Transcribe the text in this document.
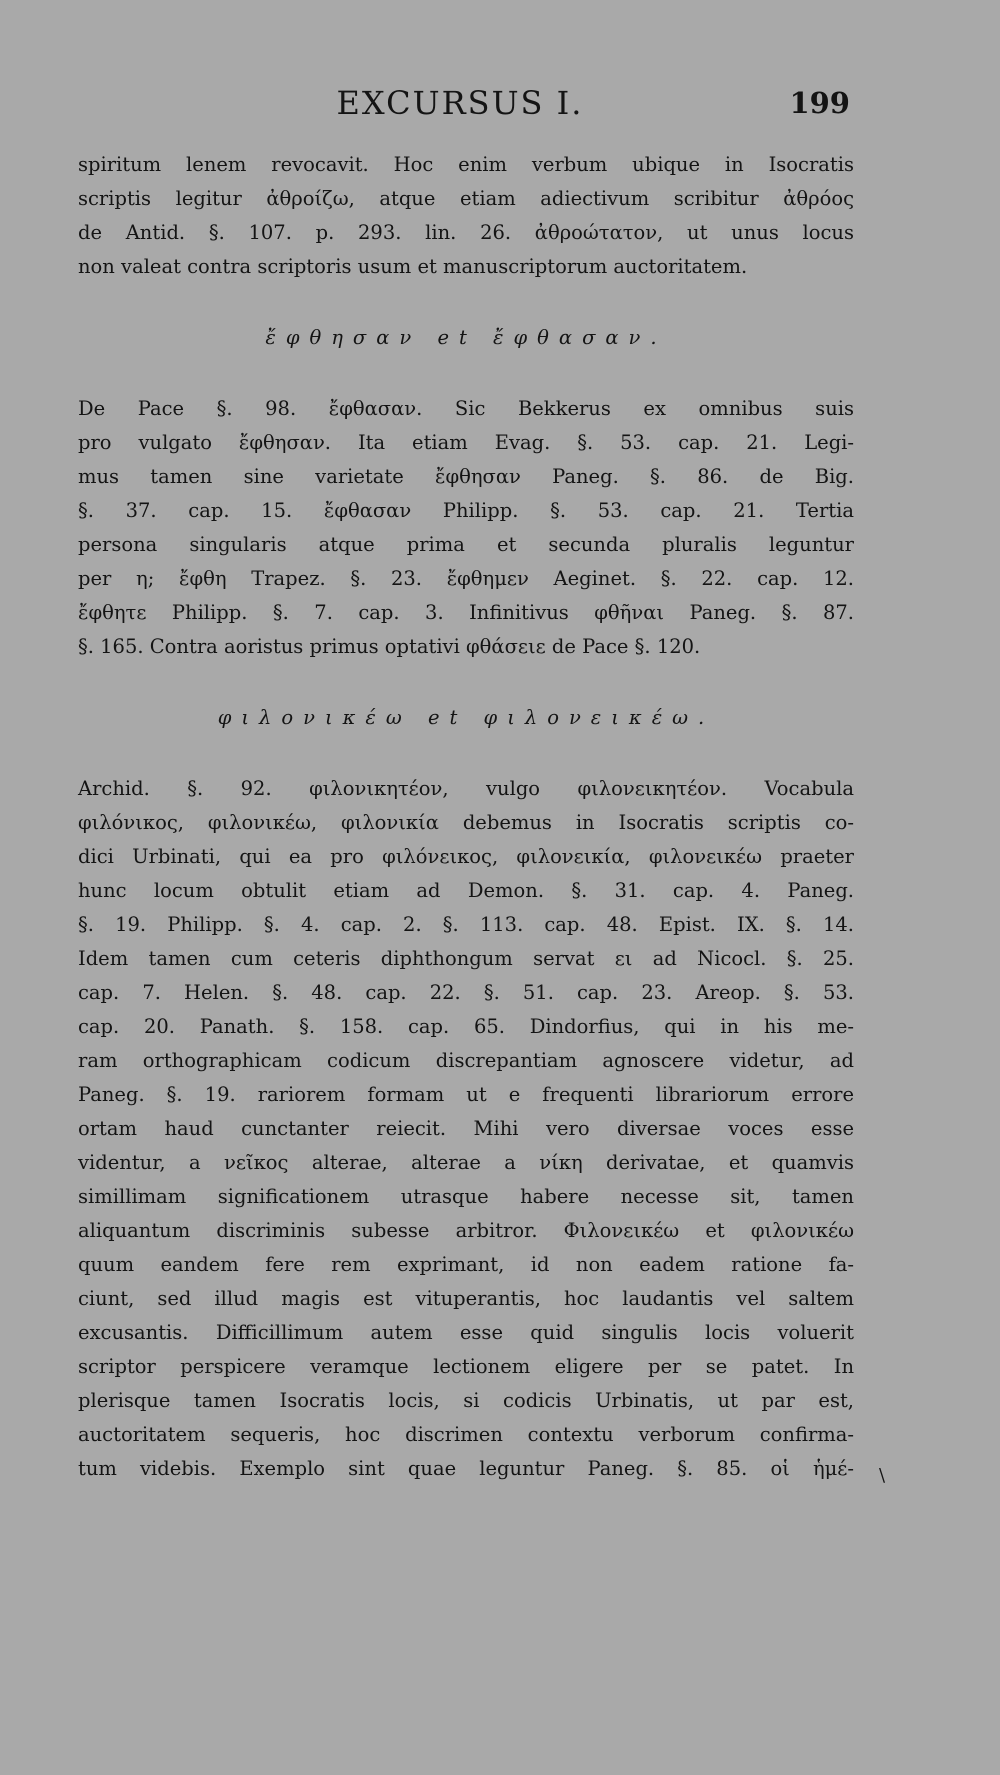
EXCURSUS I.	199
spiritum lenem revocavit. Hoc enim verbum ubique in Isocratis
scriptis legitur ἀθροίζω, atque etiam adiectivum scribitur ἀθρόος
de Antid. §. 107. p. 293. lin. 26. ἀθροώτατον, ut unus locus
non valeat contra scriptoris usum et manuscriptorum auctoritatem.
ἔφθησαν et ἔφθασαν.
De Pace §. 98. ἔφθασαν. Sic Bekkerus ex omnibus suis
pro vulgato ἔφθησαν. Ita etiam Evag. §. 53. cap. 21. Legi-
mus tamen sine varietate ἔφθησαν Paneg. §. 86. de Big.
§. 37. cap. 15. ἔφθασαν Philipp. §. 53. cap. 21. Tertia
persona singularis atque prima et secunda pluralis leguntur
per η; ἔφθη Trapez. §. 23. ἔφθημεν Aeginet. §. 22. cap. 12.
ἔφθητε Philipp. §. 7. cap. 3. Infinitivus φθῆναι Paneg. §. 87.
§. 165. Contra aoristus primus optativi φθάσειε de Pace §. 120.
φιλονικέω et φιλονεικέω.
Archid. §. 92. φιλονικητέον, vulgo φιλονεικητέον. Vocabula
φιλόνικος, φιλονικέω, φιλονικία debemus in Isocratis scriptis co-
dici Urbinati, qui ea pro φιλόνεικος, φιλονεικία, φιλονεικέω praeter
hunc locum obtulit etiam ad Demon. §. 31. cap. 4. Paneg.
§. 19. Philipp. §. 4. cap. 2. §. 113. cap. 48. Epist. IX. §. 14.
Idem tamen cum ceteris diphthongum servat ει ad Nicocl. §. 25.
cap. 7. Helen. §. 48. cap. 22. §. 51. cap. 23. Areop. §. 53.
cap. 20. Panath. §. 158. cap. 65. Dindorfius, qui in his me-
ram orthographicam codicum discrepantiam agnoscere videtur, ad
Paneg. §. 19. rariorem formam ut e frequenti librariorum errore
ortam haud cunctanter reiecit. Mihi vero diversae voces esse
videntur, a νεῖκος alterae, alterae a νίκη derivatae, et quamvis
simillimam significationem utrasque habere necesse sit, tamen
aliquantum discriminis subesse arbitror. Φιλονεικέω et φιλονικέω
quum eandem fere rem exprimant, id non eadem ratione fa-
ciunt, sed illud magis est vituperantis, hoc laudantis vel saltem
excusantis. Difficillimum autem esse quid singulis locis voluerit
scriptor perspicere veramque lectionem eligere per se patet. In
plerisque tamen Isocratis locis, si codicis Urbinatis, ut par est,
auctoritatem sequeris, hoc discrimen contextu verborum confirma-
tum videbis. Exemplo sint quae leguntur Paneg. §. 85. οἱ ἡμέ- \
